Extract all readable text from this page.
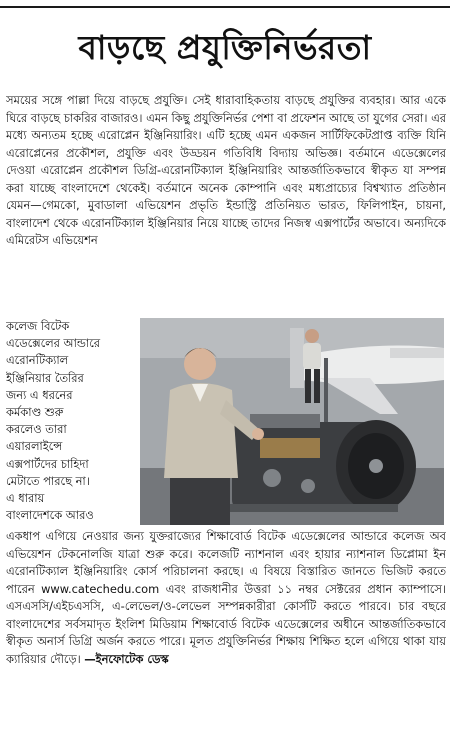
বাড়ছে প্রযুক্তিনির্ভরতা

সময়ের সঙ্গে পাল্লা দিয়ে বাড়ছে প্রযুক্তি। সেই ধারাবাহিকতায় বাড়ছে প্রযুক্তির ব্যবহার। আর একে ঘিরে বাড়ছে চাকরির বাজারও। এমন কিছু প্রযুক্তিনির্ভর পেশা বা প্রফেশন আছে তা যুগের সেরা। এর মধ্যে অন্যতম হচ্ছে এরোপ্লেন ইঞ্জিনিয়ারিং। এটি হচ্ছে এমন একজন সার্টিফিকেটপ্রাপ্ত ব্যক্তি যিনি এরোপ্লেনের প্রকৌশল, প্রযুক্তি এবং উড্ডয়ন গতিবিধি বিদ্যায় অভিজ্ঞ। বর্তমানে এডেক্সেলের দেওয়া এরোপ্লেন প্রকৌশল ডিগ্রি-এরোনটিক্যাল ইঞ্জিনিয়ারিং আন্তর্জাতিকভাবে স্বীকৃত যা সম্পন্ন করা যাচ্ছে বাংলাদেশে থেকেই। বর্তমানে অনেক কোম্পানি এবং মধ্যপ্রাচ্যের বিশ্বখ্যাত প্রতিষ্ঠান যেমন—গেমকো, মুবাডালা এভিয়েশন প্রভৃতি ইন্ডাস্ট্রি প্রতিনিয়ত ভারত, ফিলিপাইন, চায়না, বাংলাদেশ থেকে এরোনটিক্যাল ইঞ্জিনিয়ার নিয়ে যাচ্ছে তাদের নিজস্ব এক্সপার্টের অভাবে। অন্যদিকে এমিরেটস এভিয়েশন

কলেজ বিটেক
এডেক্সেলের আন্ডারে
এরোনটিক্যাল
ইঞ্জিনিয়ার তৈরির
জন্য এ ধরনের
কর্মকাণ্ড শুরু
করলেও তারা
এয়ারলাইন্সে
এক্সপার্টদের চাহিদা
মেটাতে পারছে না।
এ ধারায়
বাংলাদেশকে আরও

একধাপ এগিয়ে নেওয়ার জন্য যুক্তরাজ্যের শিক্ষাবোর্ড বিটেক এডেক্সেলের আন্ডারে কলেজ অব এভিয়েশন টেকনোলজি যাত্রা শুরু করে। কলেজটি ন্যাশনাল এবং হায়ার ন্যাশনাল ডিপ্লোমা ইন এরোনটিক্যাল ইঞ্জিনিয়ারিং কোর্স পরিচালনা করছে। এ বিষয়ে বিস্তারিত জানতে ভিজিট করতে পারেন www.catechedu.com এবং রাজধানীর উত্তরা ১১ নম্বর সেক্টরের প্রধান ক্যাম্পাসে। এসএসসি/এইচএসসি, এ-লেভেল/ও-লেভেল সম্পন্নকারীরা কোর্সটি করতে পারবে। চার বছরে বাংলাদেশের সর্বসমাদৃত ইংলিশ মিডিয়াম শিক্ষাবোর্ড বিটেক এডেক্সেলের অধীনে আন্তর্জাতিকভাবে স্বীকৃত অনার্স ডিগ্রি অর্জন করতে পারে। মূলত প্রযুক্তিনির্ভর শিক্ষায় শিক্ষিত হলে এগিয়ে থাকা যায় ক্যারিয়ার দৌড়ে। —ইনফোটেক ডেস্ক
